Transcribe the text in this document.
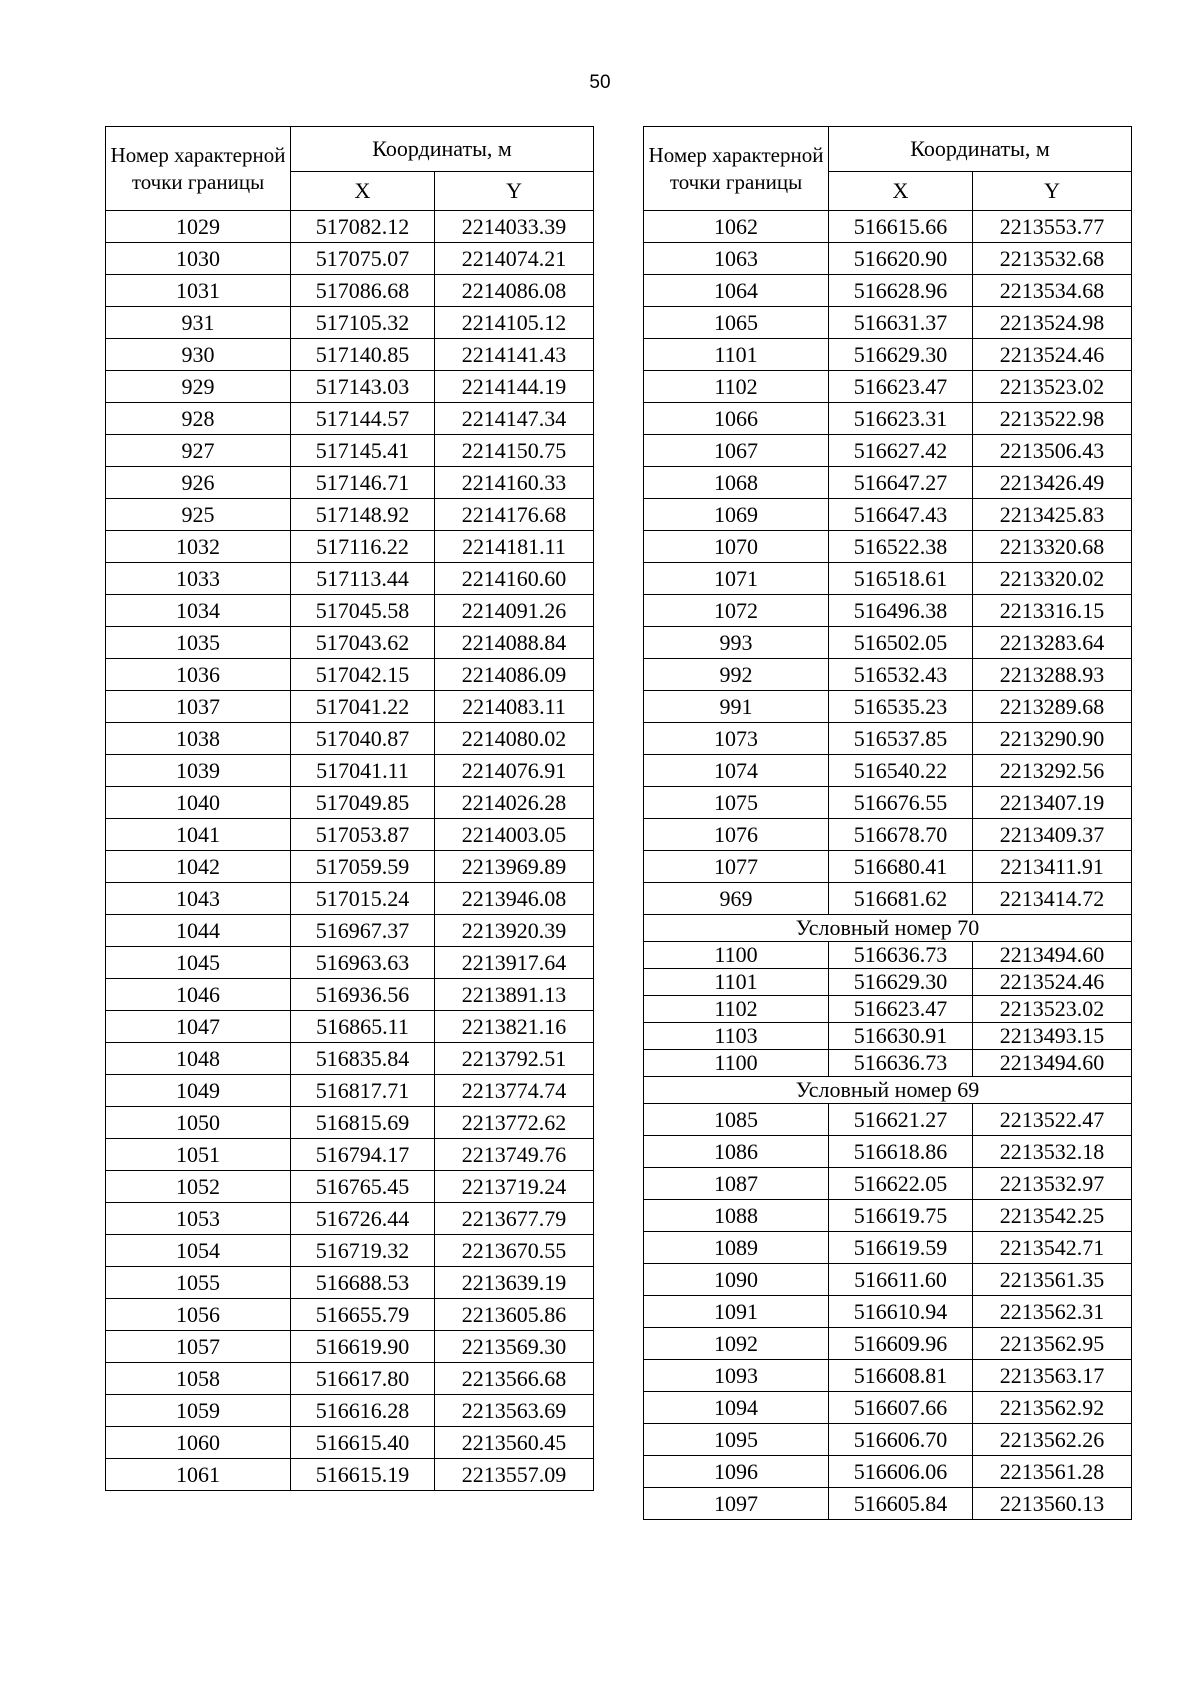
50
Номер характерной точки границы	Координаты, м	
	X	Y
1029	517082.12	2214033.39
1030	517075.07	2214074.21
1031	517086.68	2214086.08
931	517105.32	2214105.12
930	517140.85	2214141.43
929	517143.03	2214144.19
928	517144.57	2214147.34
927	517145.41	2214150.75
926	517146.71	2214160.33
925	517148.92	2214176.68
1032	517116.22	2214181.11
1033	517113.44	2214160.60
1034	517045.58	2214091.26
1035	517043.62	2214088.84
1036	517042.15	2214086.09
1037	517041.22	2214083.11
1038	517040.87	2214080.02
1039	517041.11	2214076.91
1040	517049.85	2214026.28
1041	517053.87	2214003.05
1042	517059.59	2213969.89
1043	517015.24	2213946.08
1044	516967.37	2213920.39
1045	516963.63	2213917.64
1046	516936.56	2213891.13
1047	516865.11	2213821.16
1048	516835.84	2213792.51
1049	516817.71	2213774.74
1050	516815.69	2213772.62
1051	516794.17	2213749.76
1052	516765.45	2213719.24
1053	516726.44	2213677.79
1054	516719.32	2213670.55
1055	516688.53	2213639.19
1056	516655.79	2213605.86
1057	516619.90	2213569.30
1058	516617.80	2213566.68
1059	516616.28	2213563.69
1060	516615.40	2213560.45
1061	516615.19	2213557.09
Номер характерной точки границы	Координаты, м	
	X	Y
1062	516615.66	2213553.77
1063	516620.90	2213532.68
1064	516628.96	2213534.68
1065	516631.37	2213524.98
1101	516629.30	2213524.46
1102	516623.47	2213523.02
1066	516623.31	2213522.98
1067	516627.42	2213506.43
1068	516647.27	2213426.49
1069	516647.43	2213425.83
1070	516522.38	2213320.68
1071	516518.61	2213320.02
1072	516496.38	2213316.15
993	516502.05	2213283.64
992	516532.43	2213288.93
991	516535.23	2213289.68
1073	516537.85	2213290.90
1074	516540.22	2213292.56
1075	516676.55	2213407.19
1076	516678.70	2213409.37
1077	516680.41	2213411.91
969	516681.62	2213414.72
Условный номер 70		
1100	516636.73	2213494.60
1101	516629.30	2213524.46
1102	516623.47	2213523.02
1103	516630.91	2213493.15
1100	516636.73	2213494.60
Условный номер 69		
1085	516621.27	2213522.47
1086	516618.86	2213532.18
1087	516622.05	2213532.97
1088	516619.75	2213542.25
1089	516619.59	2213542.71
1090	516611.60	2213561.35
1091	516610.94	2213562.31
1092	516609.96	2213562.95
1093	516608.81	2213563.17
1094	516607.66	2213562.92
1095	516606.70	2213562.26
1096	516606.06	2213561.28
1097	516605.84	2213560.13
